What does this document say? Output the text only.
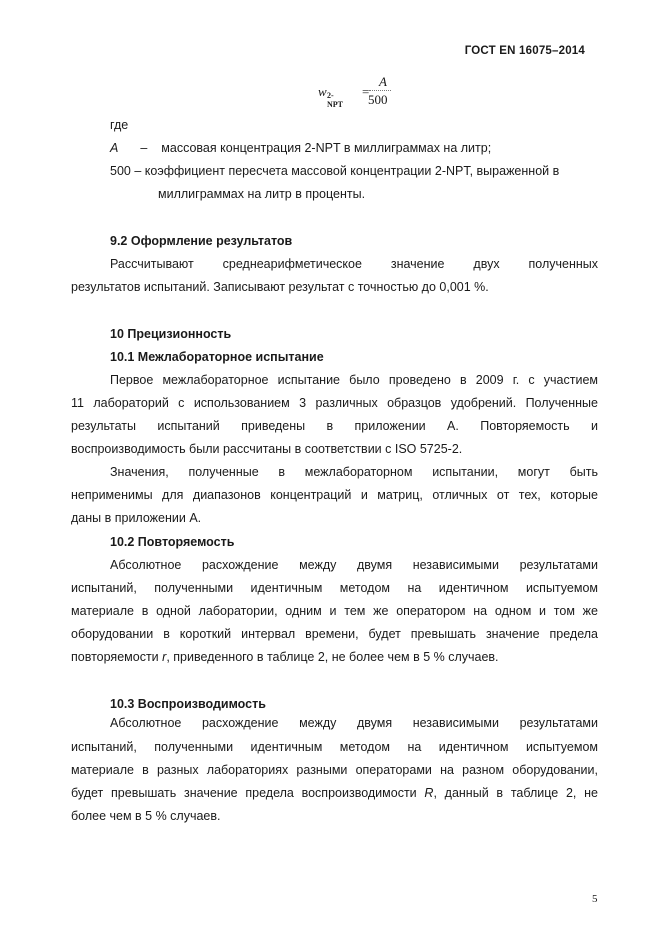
ГОСТ EN 16075–2014
w 2-NPT
=
A
500
где
A – массовая концентрация 2-NPT в миллиграммах на литр;
500 – коэффициент пересчета массовой концентрации 2-NPT, выраженной в
миллиграммах на литр в проценты.
9.2 Оформление результатов
Рассчитывают среднеарифметическое значение двух полученных
результатов испытаний. Записывают результат с точностью до 0,001 %.
10 Прецизионность
10.1 Межлабораторное испытание
Первое межлабораторное испытание было проведено в 2009 г. с участием
11 лабораторий с использованием 3 различных образцов удобрений. Полученные
результаты испытаний приведены в приложении А. Повторяемость и
воспроизводимость были рассчитаны в соответствии с ISO 5725-2.
Значения, полученные в межлабораторном испытании, могут быть
неприменимы для диапазонов концентраций и матриц, отличных от тех, которые
даны в приложении А.
10.2 Повторяемость
Абсолютное расхождение между двумя независимыми результатами
испытаний, полученными идентичным методом на идентичном испытуемом
материале в одной лаборатории, одним и тем же оператором на одном и том же
оборудовании в короткий интервал времени, будет превышать значение предела
повторяемости r, приведенного в таблице 2, не более чем в 5 % случаев.
10.3 Воспроизводимость
Абсолютное расхождение между двумя независимыми результатами
испытаний, полученными идентичным методом на идентичном испытуемом
материале в разных лабораториях разными операторами на разном оборудовании,
будет превышать значение предела воспроизводимости R, данный в таблице 2, не
более чем в 5 % случаев.
5
